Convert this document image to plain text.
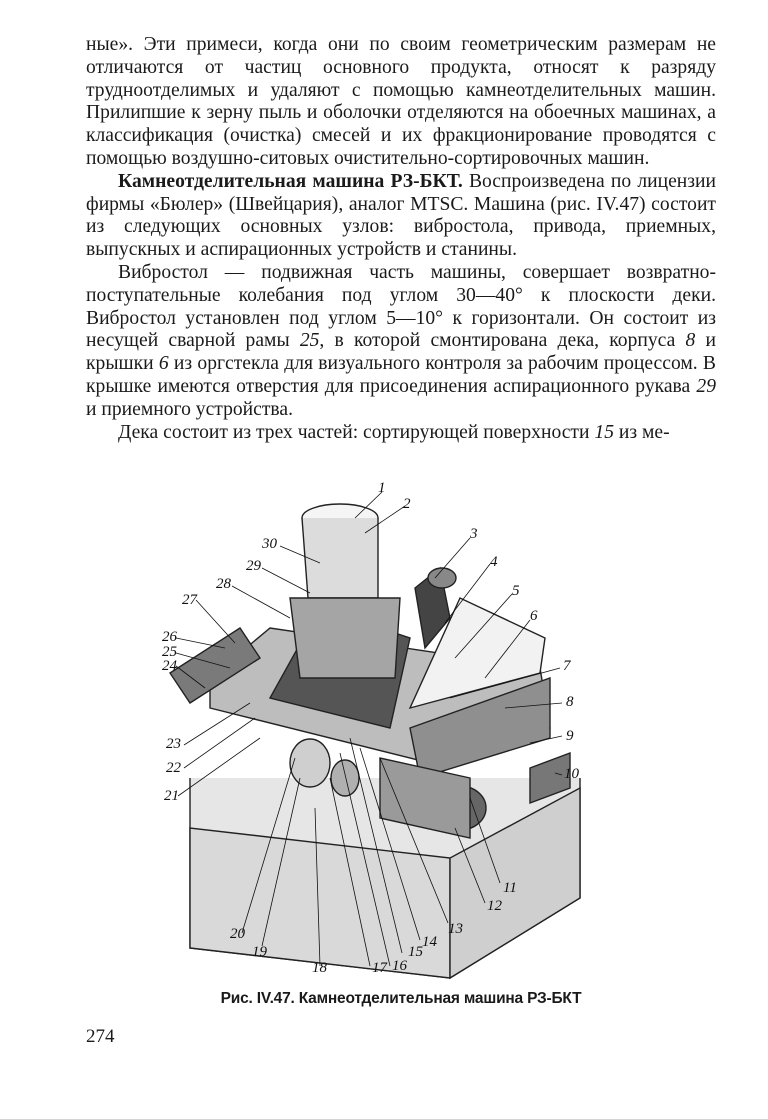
ные». Эти примеси, когда они по своим геометрическим размерам не отличаются от частиц основного продукта, относят к разряду трудноотделимых и удаляют с помощью камнеотделительных машин. Прилипшие к зерну пыль и оболочки отделяются на обоечных машинах, а классификация (очистка) смесей и их фракционирование проводятся с помощью воздушно-ситовых очистительно-сортировочных машин.

Камнеотделительная машина РЗ-БКТ. Воспроизведена по лицензии фирмы «Бюлер» (Швейцария), аналог MTSC. Машина (рис. IV.47) состоит из следующих основных узлов: вибростола, привода, приемных, выпускных и аспирационных устройств и станины.

Вибростол — подвижная часть машины, совершает возвратно-поступательные колебания под углом 30—40° к плоскости деки. Вибростол установлен под углом 5—10° к горизонтали. Он состоит из несущей сварной рамы 25, в которой смонтирована дека, корпуса 8 и крышки 6 из оргстекла для визуального контроля за рабочим процессом. В крышке имеются отверстия для присоединения аспирационного рукава 29 и приемного устройства.

Дека состоит из трех частей: сортирующей поверхности 15 из ме-

1
2
3
4
5
6
7
8
9
10
11
12
13
14
15
16
17
18
19
20
21
22
23
24
25
26
27
28
29
30
Рис. IV.47. Камнеотделительная машина РЗ-БКТ
274
